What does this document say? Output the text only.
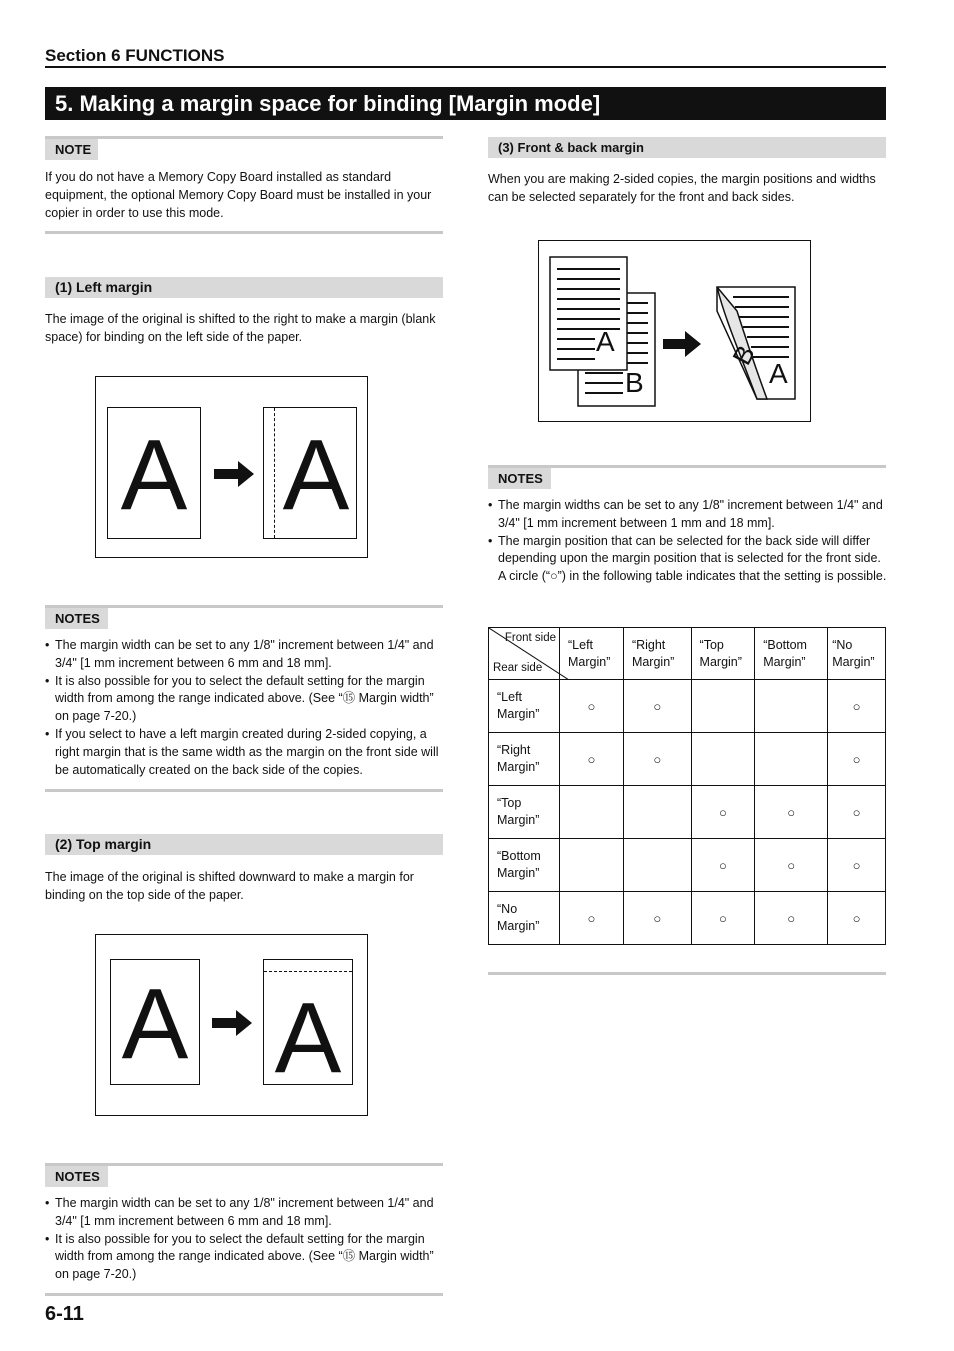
Section 6 FUNCTIONS
5. Making a margin space for binding [Margin mode]
NOTE
If you do not have a Memory Copy Board installed as standard equipment, the optional Memory Copy Board must be installed in your copier in order to use this mode.
(1) Left margin
The image of the original is shifted to the right to make a margin (blank space) for binding on the left side of the paper.
A A
NOTES
• The margin width can be set to any 1/8" increment between 1/4" and 3/4" [1 mm increment between 6 mm and 18 mm].
• It is also possible for you to select the default setting for the margin width from among the range indicated above. (See “⑮ Margin width” on page 7-20.)
• If you select to have a left margin created during 2-sided copying, a right margin that is the same width as the margin on the front side will be automatically created on the back side of the copies.
(2) Top margin
The image of the original is shifted downward to make a margin for binding on the top side of the paper.
A A
NOTES
• The margin width can be set to any 1/8" increment between 1/4" and 3/4" [1 mm increment between 6 mm and 18 mm].
• It is also possible for you to select the default setting for the margin width from among the range indicated above. (See “⑮ Margin width” on page 7-20.)
6-11
(3) Front & back margin
When you are making 2-sided copies, the margin positions and widths can be selected separately for the front and back sides.
A
B	A
B
NOTES
• The margin widths can be set to any 1/8" increment between 1/4" and 3/4" [1 mm increment between 1 mm and 18 mm].
• The margin position that can be selected for the back side will differ depending upon the margin position that is selected for the front side. A circle (“○”) in the following table indicates that the setting is possible.
Front side
Rear side	“Left Margin”	“Right Margin”	“Top Margin”	“Bottom Margin”	“No Margin”
“Left Margin”	○	○			○
“Right Margin”	○	○			○
“Top Margin”			○	○	○
“Bottom Margin”			○	○	○
“No Margin”	○	○	○	○	○
